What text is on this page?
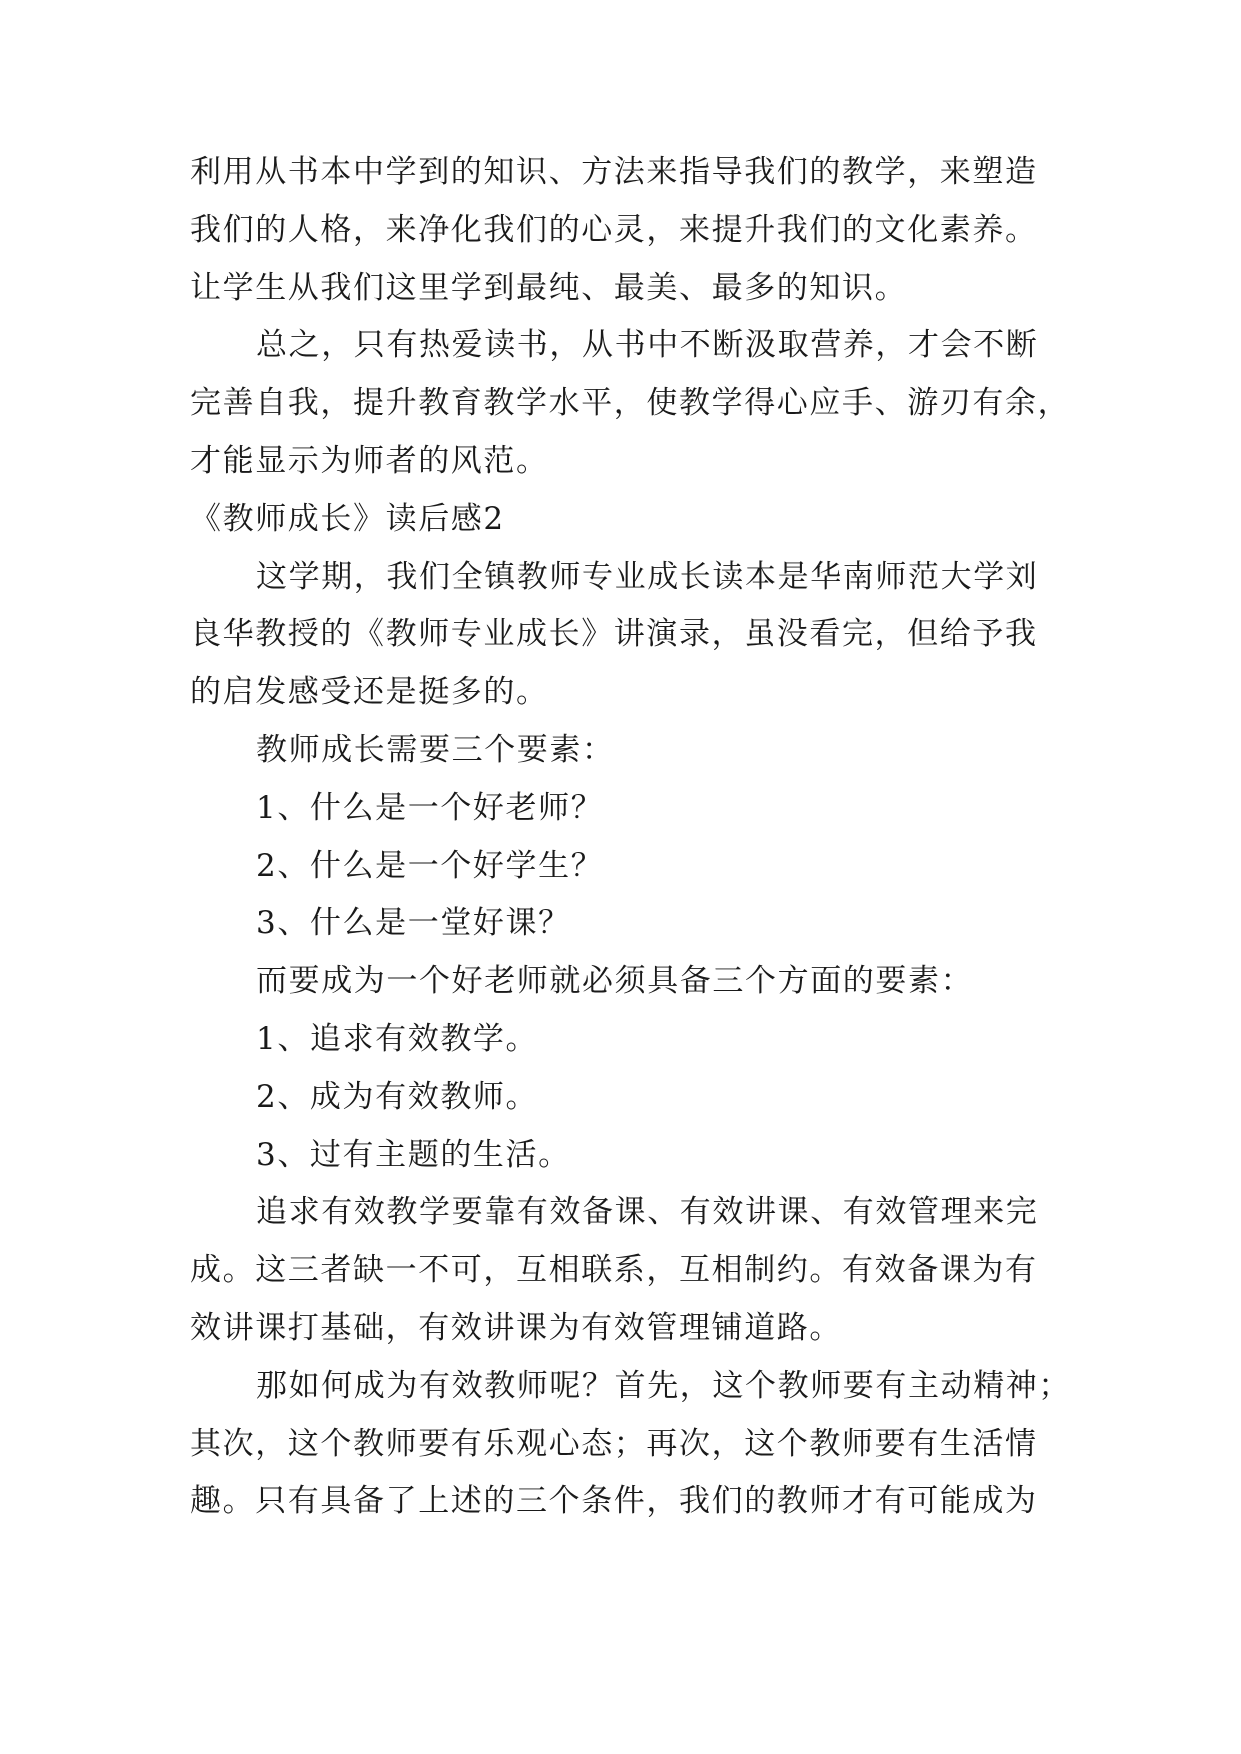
利用从书本中学到的知识、方法来指导我们的教学，来塑造
我们的人格，来净化我们的心灵，来提升我们的文化素养。
让学生从我们这里学到最纯、最美、最多的知识。
总之，只有热爱读书，从书中不断汲取营养，才会不断
完善自我，提升教育教学水平，使教学得心应手、游刃有余，
才能显示为师者的风范。
《教师成长》读后感2
这学期，我们全镇教师专业成长读本是华南师范大学刘
良华教授的《教师专业成长》讲演录，虽没看完，但给予我
的启发感受还是挺多的。
教师成长需要三个要素：
1、什么是一个好老师？
2、什么是一个好学生？
3、什么是一堂好课？
而要成为一个好老师就必须具备三个方面的要素：
1、追求有效教学。
2、成为有效教师。
3、过有主题的生活。
追求有效教学要靠有效备课、有效讲课、有效管理来完
成。这三者缺一不可，互相联系，互相制约。有效备课为有
效讲课打基础，有效讲课为有效管理铺道路。
那如何成为有效教师呢？首先，这个教师要有主动精神；
其次，这个教师要有乐观心态；再次，这个教师要有生活情
趣。只有具备了上述的三个条件，我们的教师才有可能成为
